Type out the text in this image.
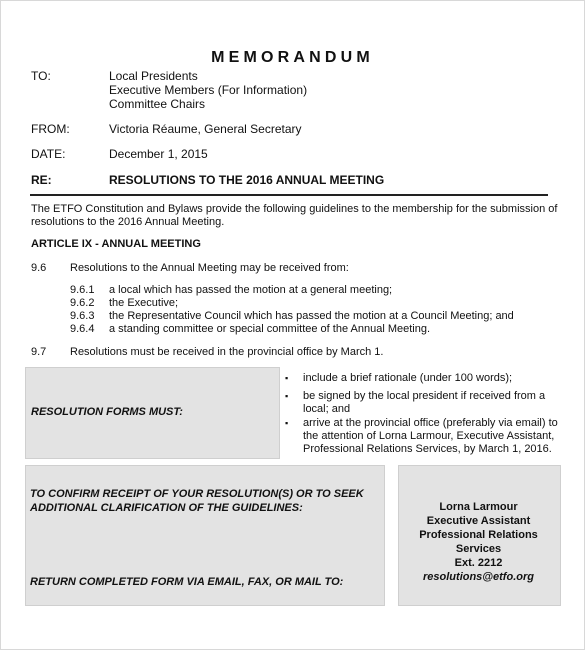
MEMORANDUM
TO:	Local Presidents
Executive Members (For Information)
Committee Chairs
FROM:	Victoria Réaume, General Secretary
DATE:	December 1, 2015
RE:	RESOLUTIONS TO THE 2016 ANNUAL MEETING
The ETFO Constitution and Bylaws provide the following guidelines to the membership for the submission of
resolutions to the 2016 Annual Meeting.
ARTICLE IX - ANNUAL MEETING
9.6 Resolutions to the Annual Meeting may be received from:
9.6.1 a local which has passed the motion at a general meeting;
9.6.2 the Executive;
9.6.3 the Representative Council which has passed the motion at a Council Meeting; and
9.6.4 a standing committee or special committee of the Annual Meeting.
9.7 Resolutions must be received in the provincial office by March 1.
RESOLUTION FORMS MUST:
▪ include a brief rationale (under 100 words);
▪ be signed by the local president if received from a
local; and
▪ arrive at the provincial office (preferably via email) to
the attention of Lorna Larmour, Executive Assistant,
Professional Relations Services, by March 1, 2016.
TO CONFIRM RECEIPT OF YOUR RESOLUTION(S) OR TO SEEK
ADDITIONAL CLARIFICATION OF THE GUIDELINES:
RETURN COMPLETED FORM VIA EMAIL, FAX, OR MAIL TO:
Lorna Larmour
Executive Assistant
Professional Relations
Services
Ext. 2212
resolutions@etfo.org
